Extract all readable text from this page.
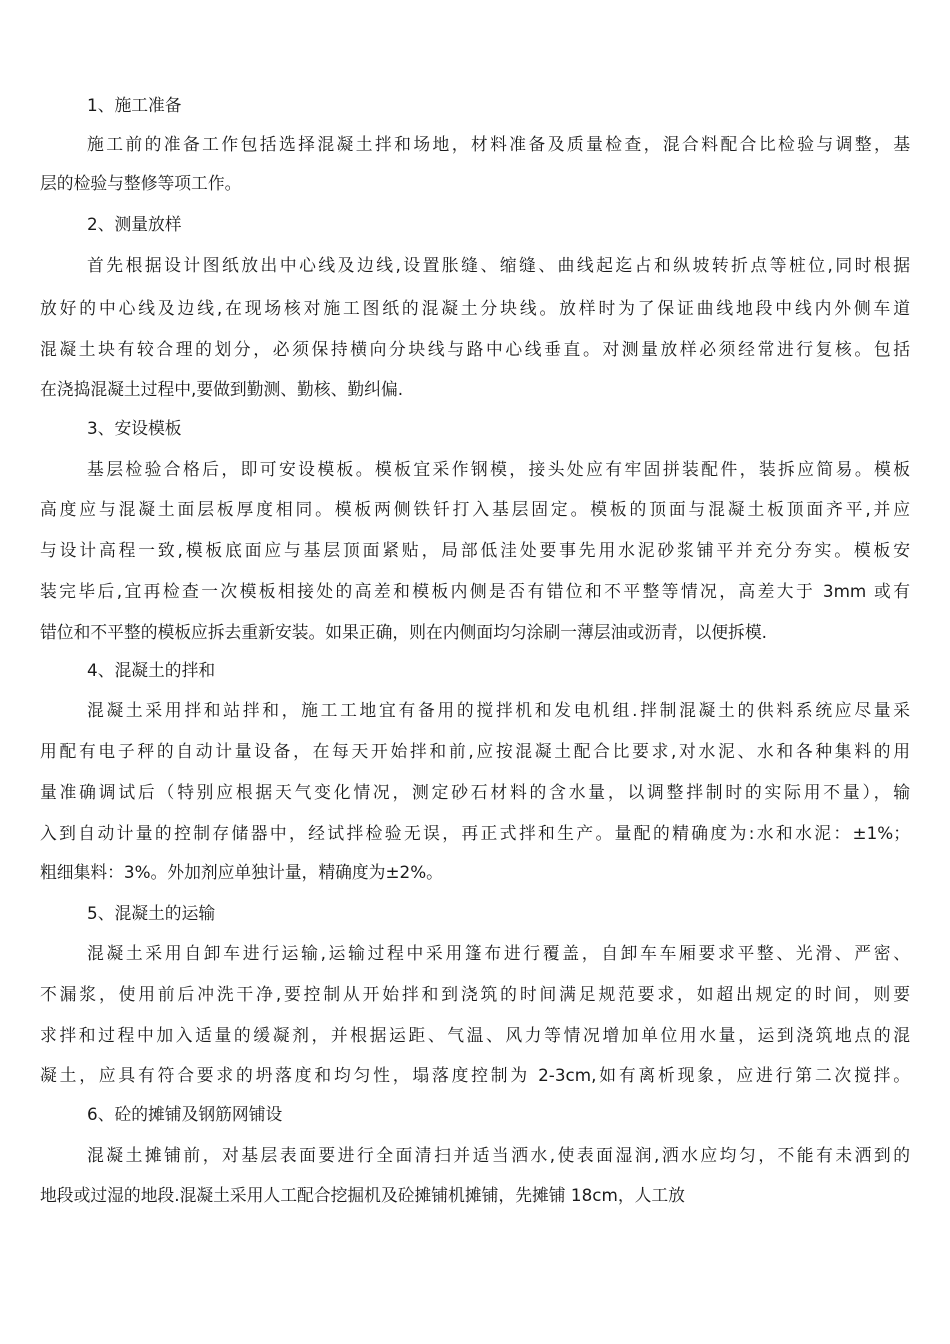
1、施工准备
施工前的准备工作包括选择混凝土拌和场地，材料准备及质量检查，混合料配合比检验与调整，基
层的检验与整修等项工作。
2、测量放样
首先根据设计图纸放出中心线及边线,设置胀缝、缩缝、曲线起迄占和纵坡转折点等桩位,同时根据
放好的中心线及边线,在现场核对施工图纸的混凝土分块线。放样时为了保证曲线地段中线内外侧车道
混凝土块有较合理的划分，必须保持横向分块线与路中心线垂直。对测量放样必须经常进行复核。包括
在浇捣混凝土过程中,要做到勤测、勤核、勤纠偏.
3、安设模板
基层检验合格后，即可安设模板。模板宜采作钢模，接头处应有牢固拼装配件，装拆应简易。模板
高度应与混凝土面层板厚度相同。模板两侧铁钎打入基层固定。模板的顶面与混凝土板顶面齐平,并应
与设计高程一致,模板底面应与基层顶面紧贴，局部低洼处要事先用水泥砂浆铺平并充分夯实。模板安
装完毕后,宜再检查一次模板相接处的高差和模板内侧是否有错位和不平整等情况，高差大于 3mm 或有
错位和不平整的模板应拆去重新安装。如果正确，则在内侧面均匀涂刷一薄层油或沥青，以便拆模.
4、混凝土的拌和
混凝土采用拌和站拌和，施工工地宜有备用的搅拌机和发电机组.拌制混凝土的供料系统应尽量采
用配有电子秤的自动计量设备，在每天开始拌和前,应按混凝土配合比要求,对水泥、水和各种集料的用
量准确调试后（特别应根据天气变化情况，测定砂石材料的含水量，以调整拌制时的实际用不量），输
入到自动计量的控制存储器中，经试拌检验无误，再正式拌和生产。量配的精确度为:水和水泥：±1%；
粗细集料：3%。外加剂应单独计量，精确度为±2%。
5、混凝土的运输
混凝土采用自卸车进行运输,运输过程中采用篷布进行覆盖，自卸车车厢要求平整、光滑、严密、
不漏浆，使用前后冲洗干净,要控制从开始拌和到浇筑的时间满足规范要求，如超出规定的时间，则要
求拌和过程中加入适量的缓凝剂，并根据运距、气温、风力等情况增加单位用水量，运到浇筑地点的混
凝土，应具有符合要求的坍落度和均匀性，塌落度控制为 2-3cm,如有离析现象，应进行第二次搅拌。
6、砼的摊铺及钢筋网铺设
混凝土摊铺前，对基层表面要进行全面清扫并适当洒水,使表面湿润,洒水应均匀，不能有未洒到的
地段或过湿的地段.混凝土采用人工配合挖掘机及砼摊铺机摊铺，先摊铺 18cm，人工放
